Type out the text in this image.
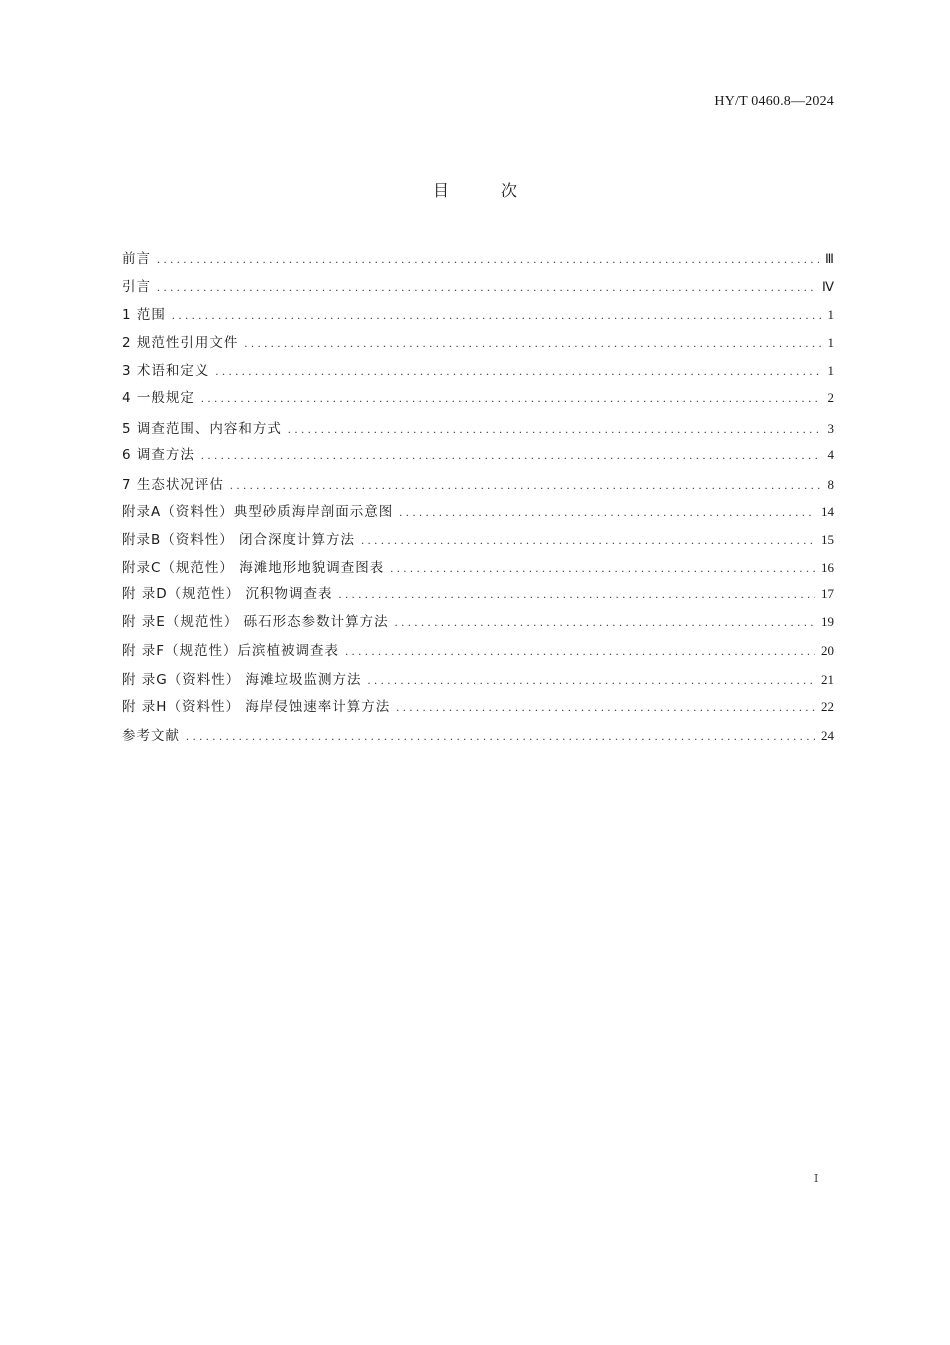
HY/T 0460.8—2024
目	次
前言 .....	Ⅲ
引言 .....	Ⅳ
1 范围 .....	1
2 规范性引用文件 .....	1
3 术语和定义 .....	1
4 一般规定 .....	2
5 调查范围、内容和方式 .....	3
6 调查方法 .....	4
7 生态状况评估 .....	8
附录A（资料性）典型砂质海岸剖面示意图 .....	14
附录B（资料性） 闭合深度计算方法 .....	15
附录C（规范性） 海滩地形地貌调查图表 .....	16
附 录D（规范性） 沉积物调查表 .....	17
附 录E（规范性） 砾石形态参数计算方法 .....	19
附 录F（规范性）后滨植被调查表 .....	20
附 录G（资料性） 海滩垃圾监测方法 .....	21
附 录H（资料性） 海岸侵蚀速率计算方法 .....	22
参考文献 .....	24
I
